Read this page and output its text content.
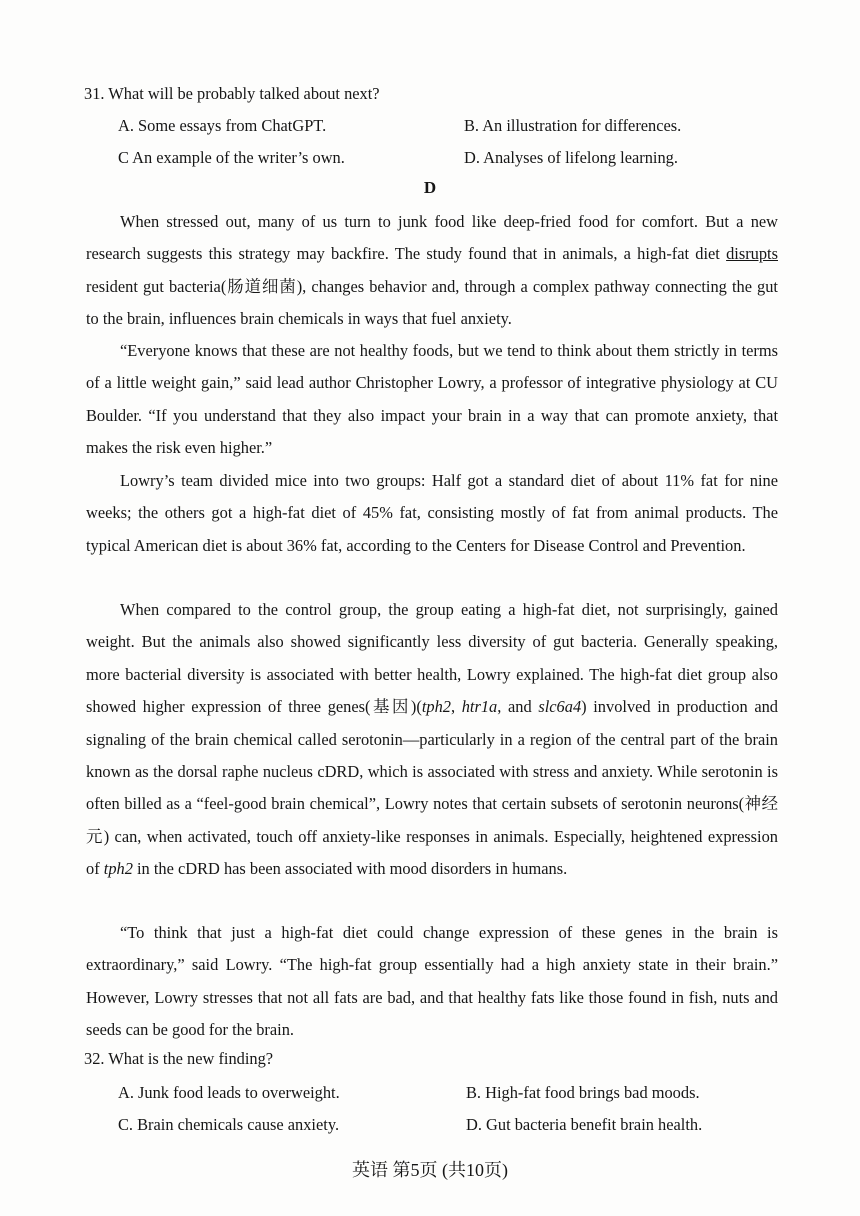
31. What will be probably talked about next?
A. Some essays from ChatGPT.	B. An illustration for differences.
C An example of the writer’s own.	D. Analyses of lifelong learning.
D
When stressed out, many of us turn to junk food like deep-fried food for comfort. But a new research suggests this strategy may backfire. The study found that in animals, a high-fat diet disrupts resident gut bacteria(肠道细菌), changes behavior and, through a complex pathway connecting the gut to the brain, influences brain chemicals in ways that fuel anxiety.
“Everyone knows that these are not healthy foods, but we tend to think about them strictly in terms of a little weight gain,” said lead author Christopher Lowry, a professor of integrative physiology at CU Boulder. “If you understand that they also impact your brain in a way that can promote anxiety, that makes the risk even higher.”
Lowry’s team divided mice into two groups: Half got a standard diet of about 11% fat for nine weeks; the others got a high-fat diet of 45% fat, consisting mostly of fat from animal products. The typical American diet is about 36% fat, according to the Centers for Disease Control and Prevention.
When compared to the control group, the group eating a high-fat diet, not surprisingly, gained weight. But the animals also showed significantly less diversity of gut bacteria. Generally speaking, more bacterial diversity is associated with better health, Lowry explained. The high-fat diet group also showed higher expression of three genes(基因)(tph2, htr1a, and slc6a4) involved in production and signaling of the brain chemical called serotonin—particularly in a region of the central part of the brain known as the dorsal raphe nucleus cDRD, which is associated with stress and anxiety. While serotonin is often billed as a “feel-good brain chemical”, Lowry notes that certain subsets of serotonin neurons(神经元) can, when activated, touch off anxiety-like responses in animals. Especially, heightened expression of tph2 in the cDRD has been associated with mood disorders in humans.
“To think that just a high-fat diet could change expression of these genes in the brain is extraordinary,” said Lowry. “The high-fat group essentially had a high anxiety state in their brain.” However, Lowry stresses that not all fats are bad, and that healthy fats like those found in fish, nuts and seeds can be good for the brain.
32. What is the new finding?
A. Junk food leads to overweight.	B. High-fat food brings bad moods.
C. Brain chemicals cause anxiety.	D. Gut bacteria benefit brain health.
英语 第5页 (共10页)
